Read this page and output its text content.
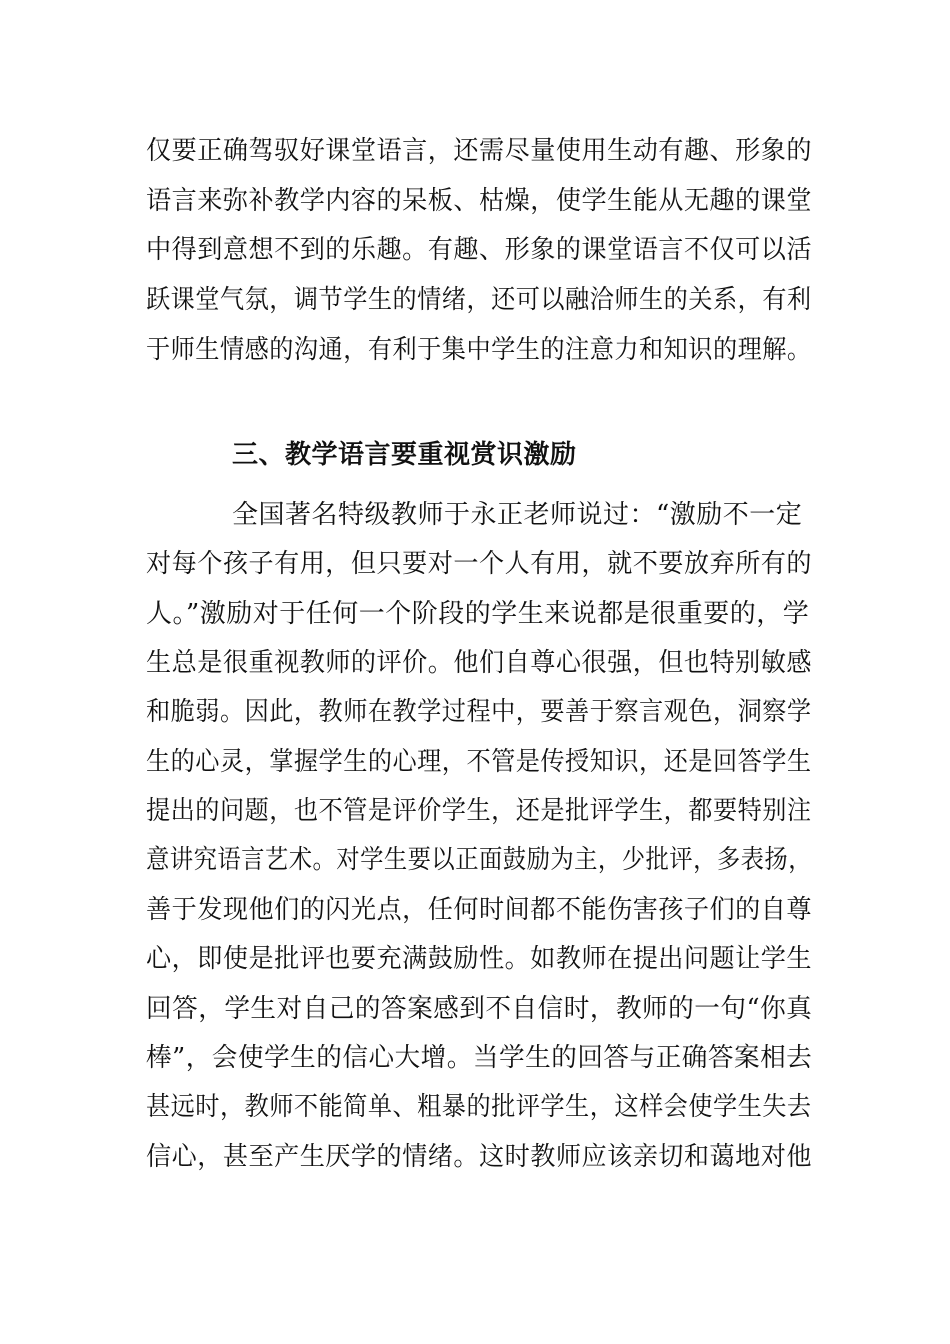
仅要正确驾驭好课堂语言，还需尽量使用生动有趣、形象的
语言来弥补教学内容的呆板、枯燥，使学生能从无趣的课堂
中得到意想不到的乐趣。有趣、形象的课堂语言不仅可以活
跃课堂气氛，调节学生的情绪，还可以融洽师生的关系，有利
于师生情感的沟通，有利于集中学生的注意力和知识的理解。
三、教学语言要重视赏识激励
全国著名特级教师于永正老师说过：“激励不一定
对每个孩子有用，但只要对一个人有用，就不要放弃所有的
人。”激励对于任何一个阶段的学生来说都是很重要的，学
生总是很重视教师的评价。他们自尊心很强，但也特别敏感
和脆弱。因此，教师在教学过程中，要善于察言观色，洞察学
生的心灵，掌握学生的心理，不管是传授知识，还是回答学生
提出的问题，也不管是评价学生，还是批评学生，都要特别注
意讲究语言艺术。对学生要以正面鼓励为主，少批评，多表扬，
善于发现他们的闪光点，任何时间都不能伤害孩子们的自尊
心，即使是批评也要充满鼓励性。如教师在提出问题让学生
回答，学生对自己的答案感到不自信时，教师的一句“你真
棒”，会使学生的信心大增。当学生的回答与正确答案相去
甚远时，教师不能简单、粗暴的批评学生，这样会使学生失去
信心，甚至产生厌学的情绪。这时教师应该亲切和蔼地对他
